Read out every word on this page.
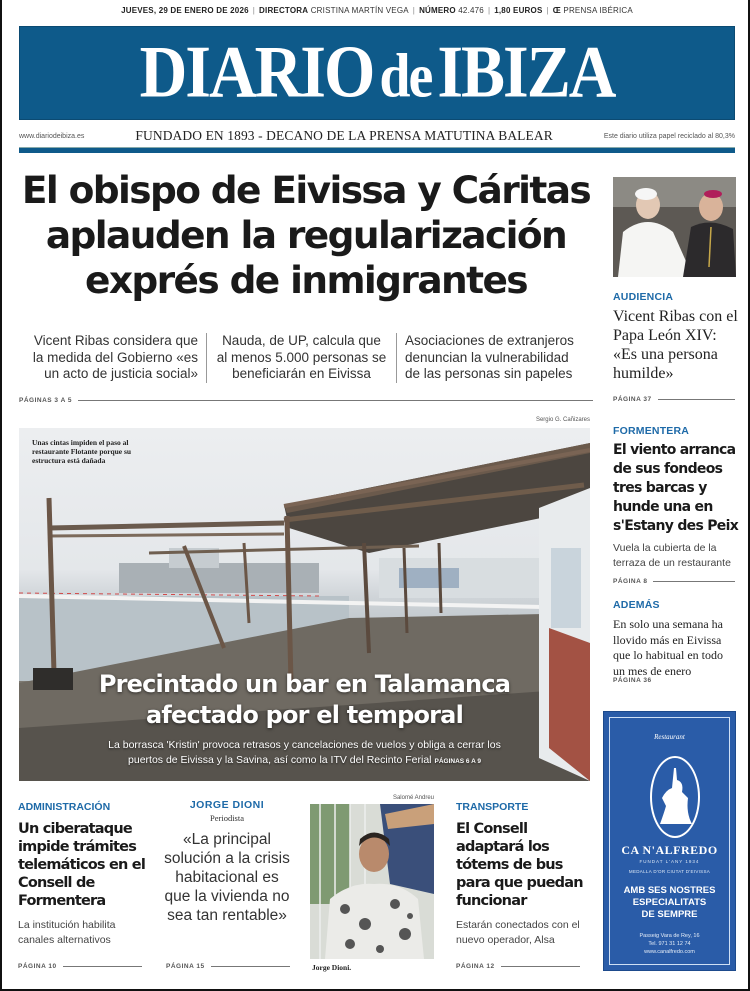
JUEVES, 29 DE ENERO DE 2026 | DIRECTORA CRISTINA MARTÍN VEGA | NÚMERO 42.476 | 1,80 EUROS | Œ PRENSA IBÉRICA
DIARIO deIBIZA
www.diariodeibiza.es	FUNDADO EN 1893 - DECANO DE LA PRENSA MATUTINA BALEAR	Este diario utiliza papel reciclado al 80,3%
El obispo de Eivissa y Cáritas
aplauden la regularización
exprés de inmigrantes
Vicent Ribas considera que la medida del Gobierno «es un acto de justicia social»
Nauda, de UP, calcula que al menos 5.000 personas se beneficiarán en Eivissa
Asociaciones de extranjeros denuncian la vulnerabilidad de las personas sin papeles
PÁGINAS 3 A 5
Sergio G. Cañizares
Unas cintas impiden el paso al restaurante Flotante porque su estructura está dañada
Precintado un bar en Talamanca
afectado por el temporal
La borrasca 'Kristin' provoca retrasos y cancelaciones de vuelos y obliga a cerrar los
puertos de Eivissa y la Savina, así como la ITV del Recinto Ferial PÁGINAS 6 A 9
AUDIENCIA
Vicent Ribas con el Papa León XIV: «Es una persona humilde»
PÁGINA 37
FORMENTERA
El viento arranca de sus fondeos tres barcas y hunde una en s'Estany des Peix
Vuela la cubierta de la terraza de un restaurante
PÁGINA 8
ADEMÁS
En solo una semana ha llovido más en Eivissa que lo habitual en todo un mes de enero
PÁGINA 36
Restaurant
CA N'ALFREDO
FUNDAT L'ANY 1934
MEDALLA D'OR CIUTAT D'EIVISSA
AMB SES NOSTRES
ESPECIALITATS
DE SEMPRE
Passeig Vara de Rey, 16
Tel. 971 31 12 74
www.canalfredo.com
ADMINISTRACIÓN
Un ciberataque impide trámites telemáticos en el Consell de Formentera
La institución habilita canales alternativos
PÁGINA 10
JORGE DIONI
Periodista
«La principal solución a la crisis habitacional es que la vivienda no sea tan rentable»
PÁGINA 15
Salomé Andreu
Jorge Dioni.
TRANSPORTE
El Consell adaptará los tótems de bus para que puedan funcionar
Estarán conectados con el nuevo operador, Alsa
PÁGINA 12
